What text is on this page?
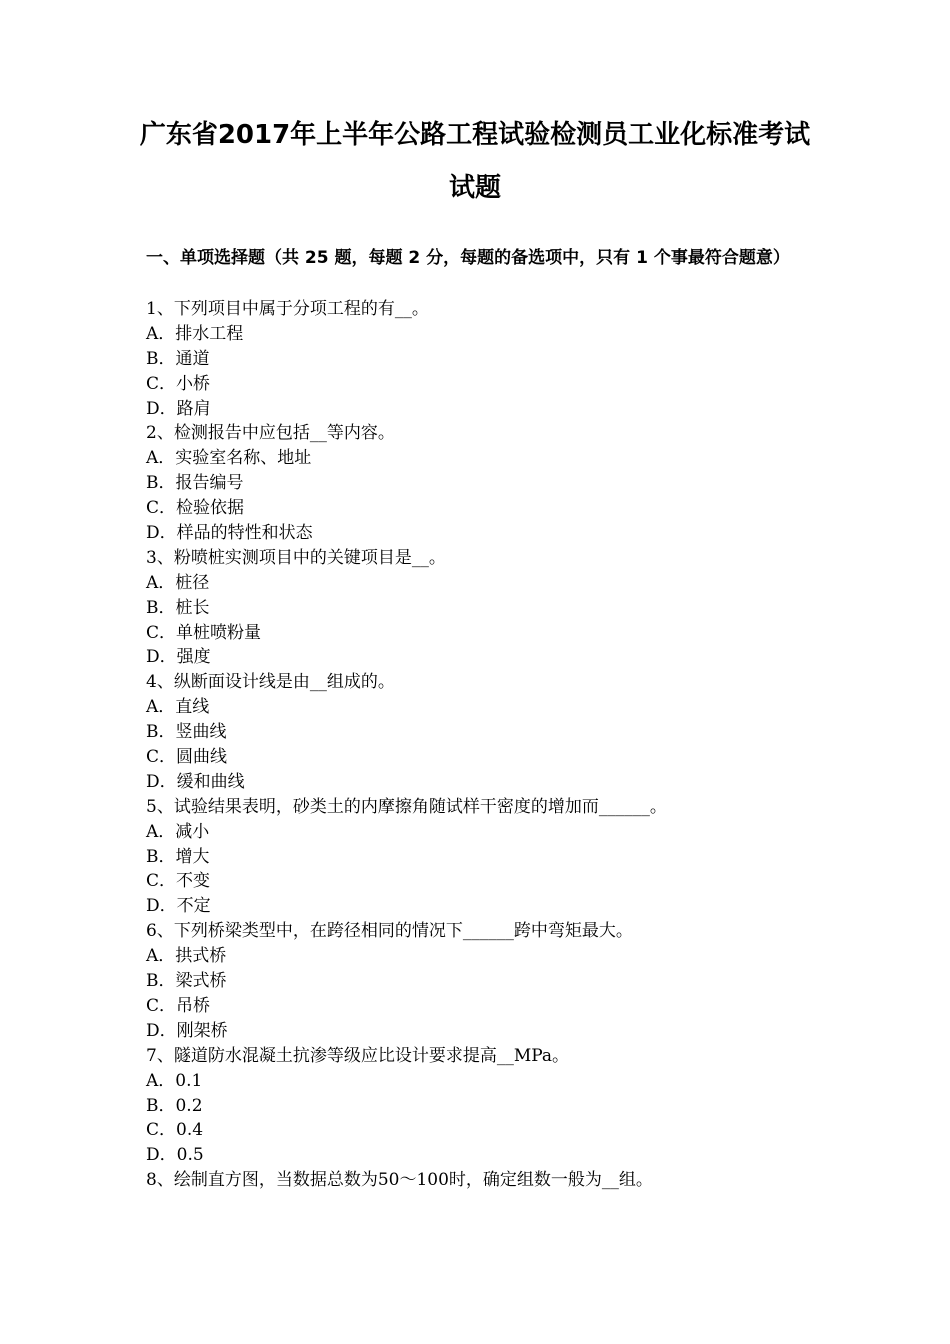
广东省2017年上半年公路工程试验检测员工业化标准考试
试题
一、单项选择题（共 25 题，每题 2 分，每题的备选项中，只有 1 个事最符合题意）
1、下列项目中属于分项工程的有__。
A．排水工程
B．通道
C．小桥
D．路肩
2、检测报告中应包括__等内容。
A．实验室名称、地址
B．报告编号
C．检验依据
D．样品的特性和状态
3、粉喷桩实测项目中的关键项目是__。
A．桩径
B．桩长
C．单桩喷粉量
D．强度
4、纵断面设计线是由__组成的。
A．直线
B．竖曲线
C．圆曲线
D．缓和曲线
5、试验结果表明，砂类土的内摩擦角随试样干密度的增加而______。
A．减小
B．增大
C．不变
D．不定
6、下列桥梁类型中，在跨径相同的情况下______跨中弯矩最大。
A．拱式桥
B．梁式桥
C．吊桥
D．刚架桥
7、隧道防水混凝土抗渗等级应比设计要求提高__MPa。
A．0.1
B．0.2
C．0.4
D．0.5
8、绘制直方图，当数据总数为50～100时，确定组数一般为__组。
